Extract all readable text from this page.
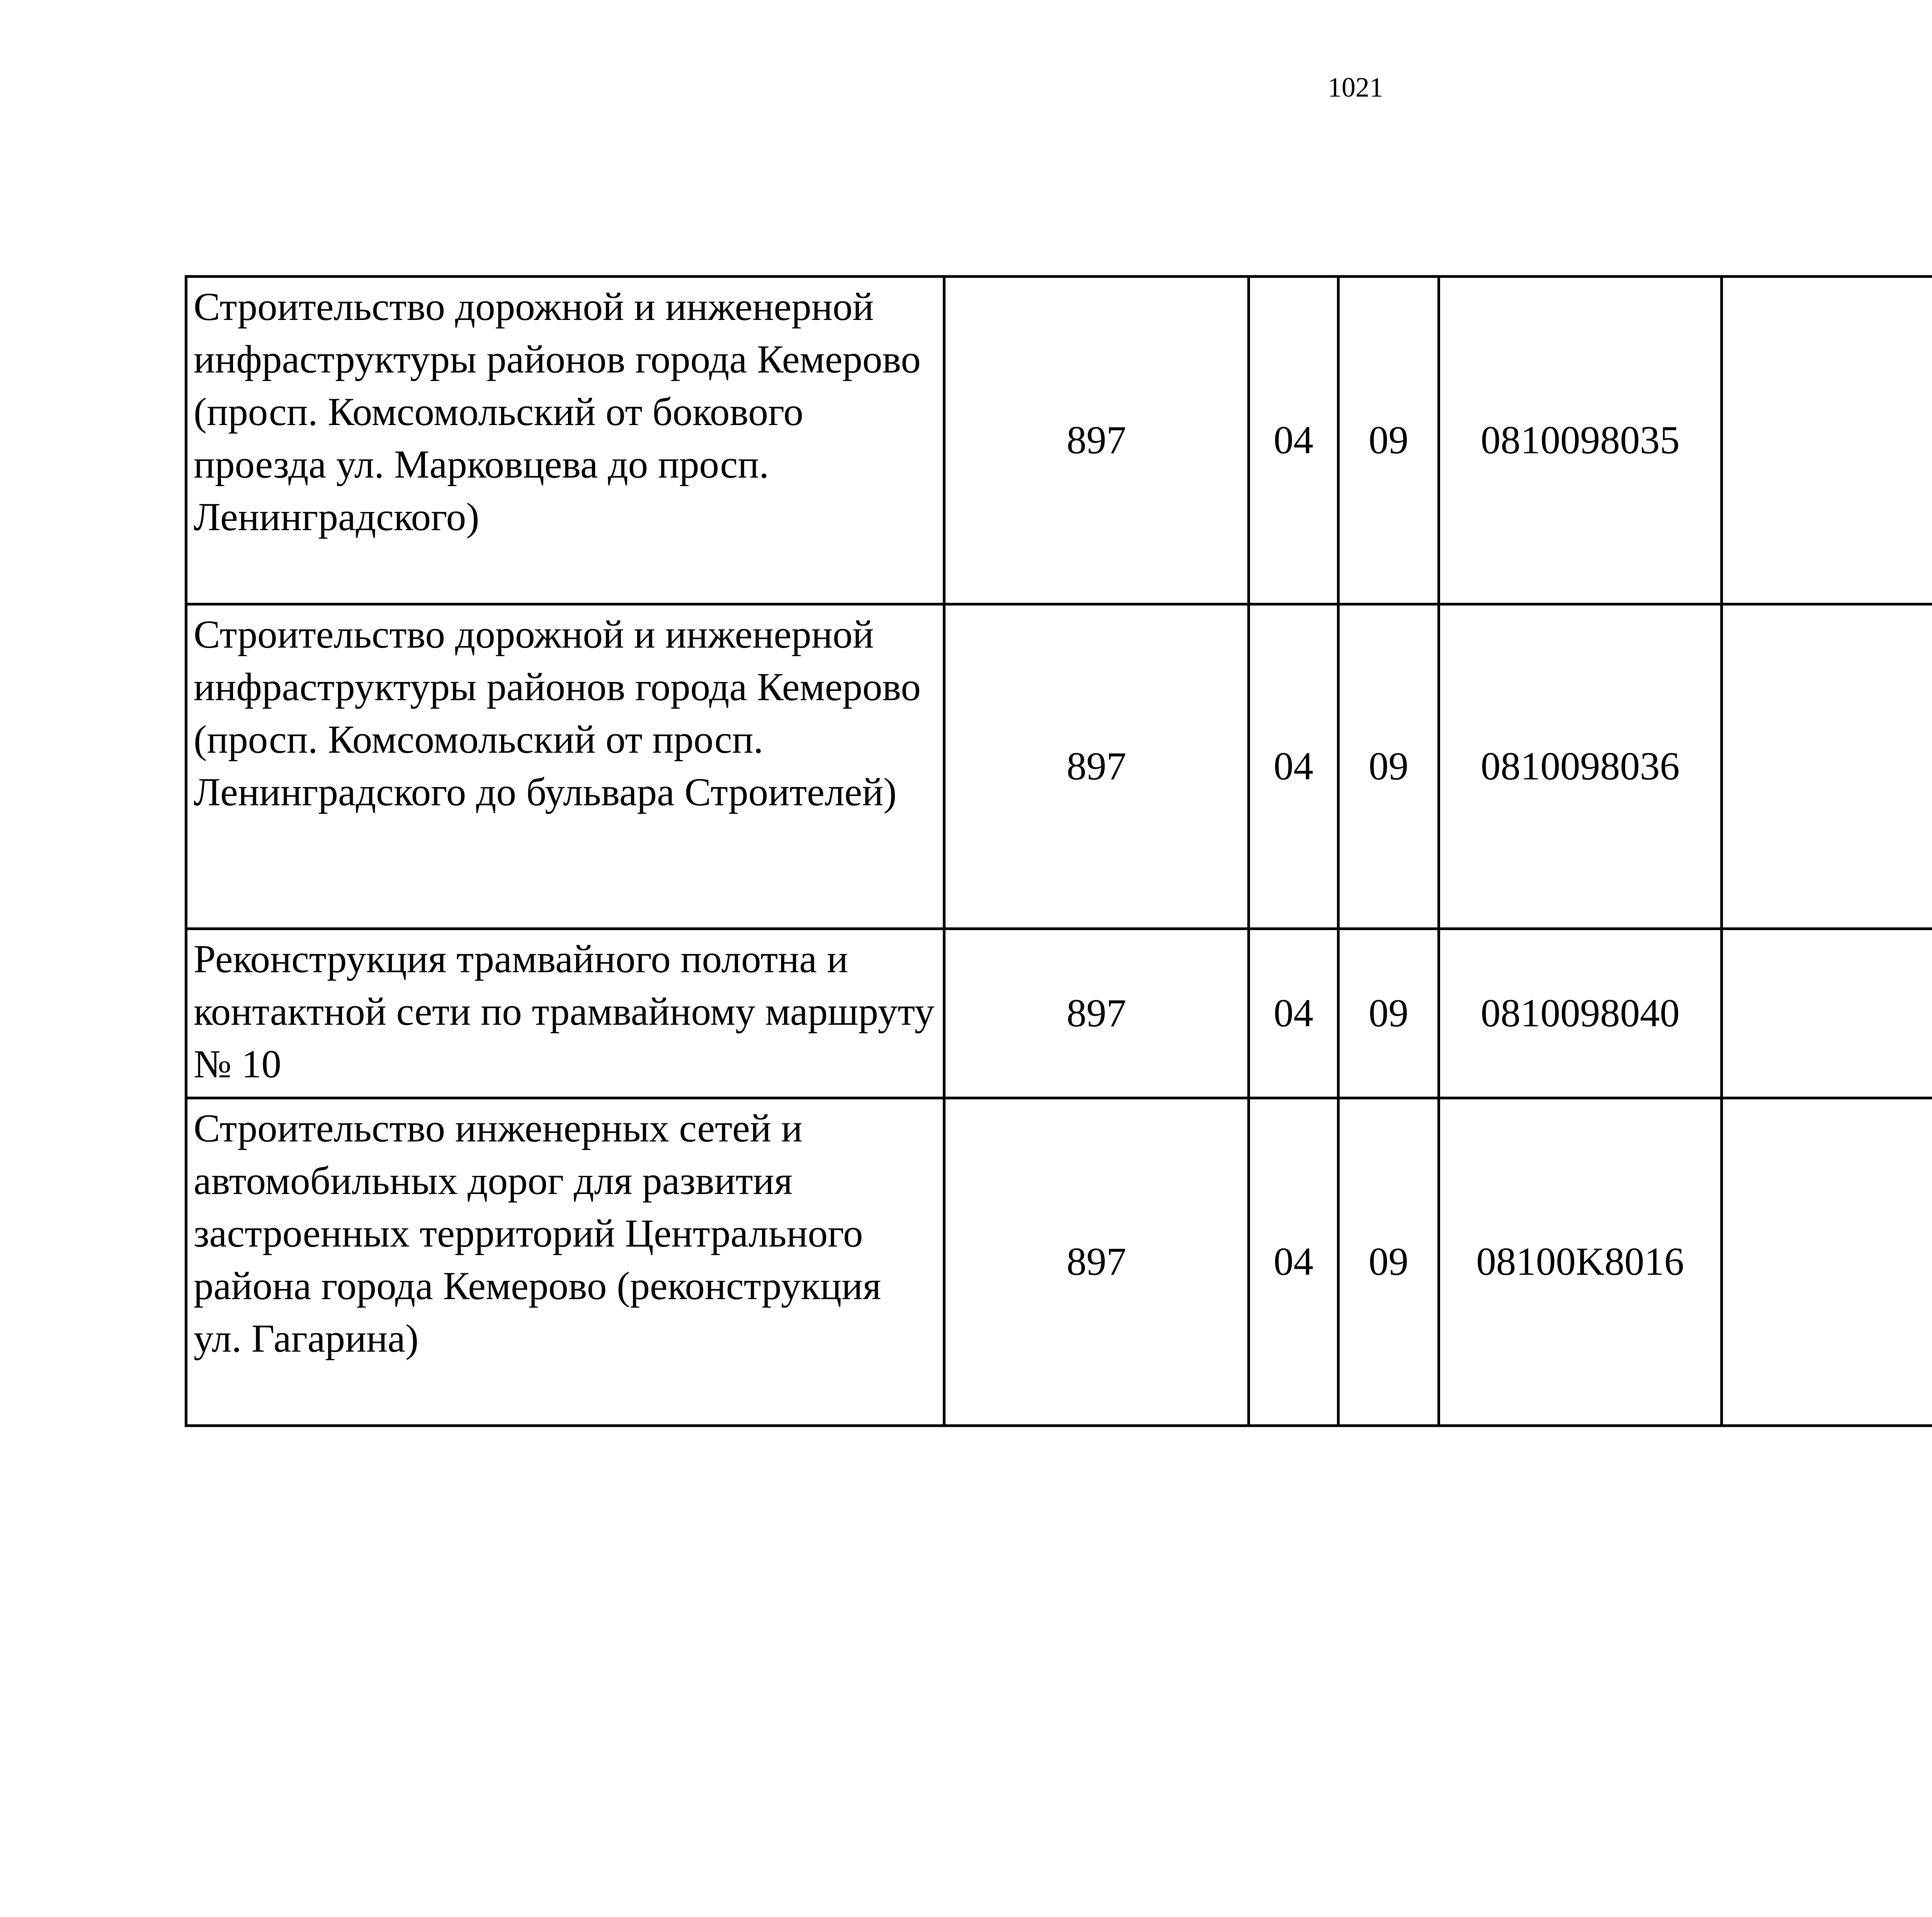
1021
Строительство дорожной и инженерной инфраструктуры районов города Кемерово (просп. Комсомольский от бокового проезда ул. Марковцева до просп. Ленинградского)	897	04	09	0810098035			
Строительство дорожной и инженерной инфраструктуры районов города Кемерово (просп. Комсомольский от просп. Ленинградского до бульвара Строителей)	897	04	09	0810098036			
Реконструкция трамвайного полотна и контактной сети по трамвайному маршруту № 10	897	04	09	0810098040			
Строительство инженерных сетей и автомобильных дорог для развития застроенных территорий Центрального района города Кемерово (реконструкция ул. Гагарина)	897	04	09	08100K8016			
